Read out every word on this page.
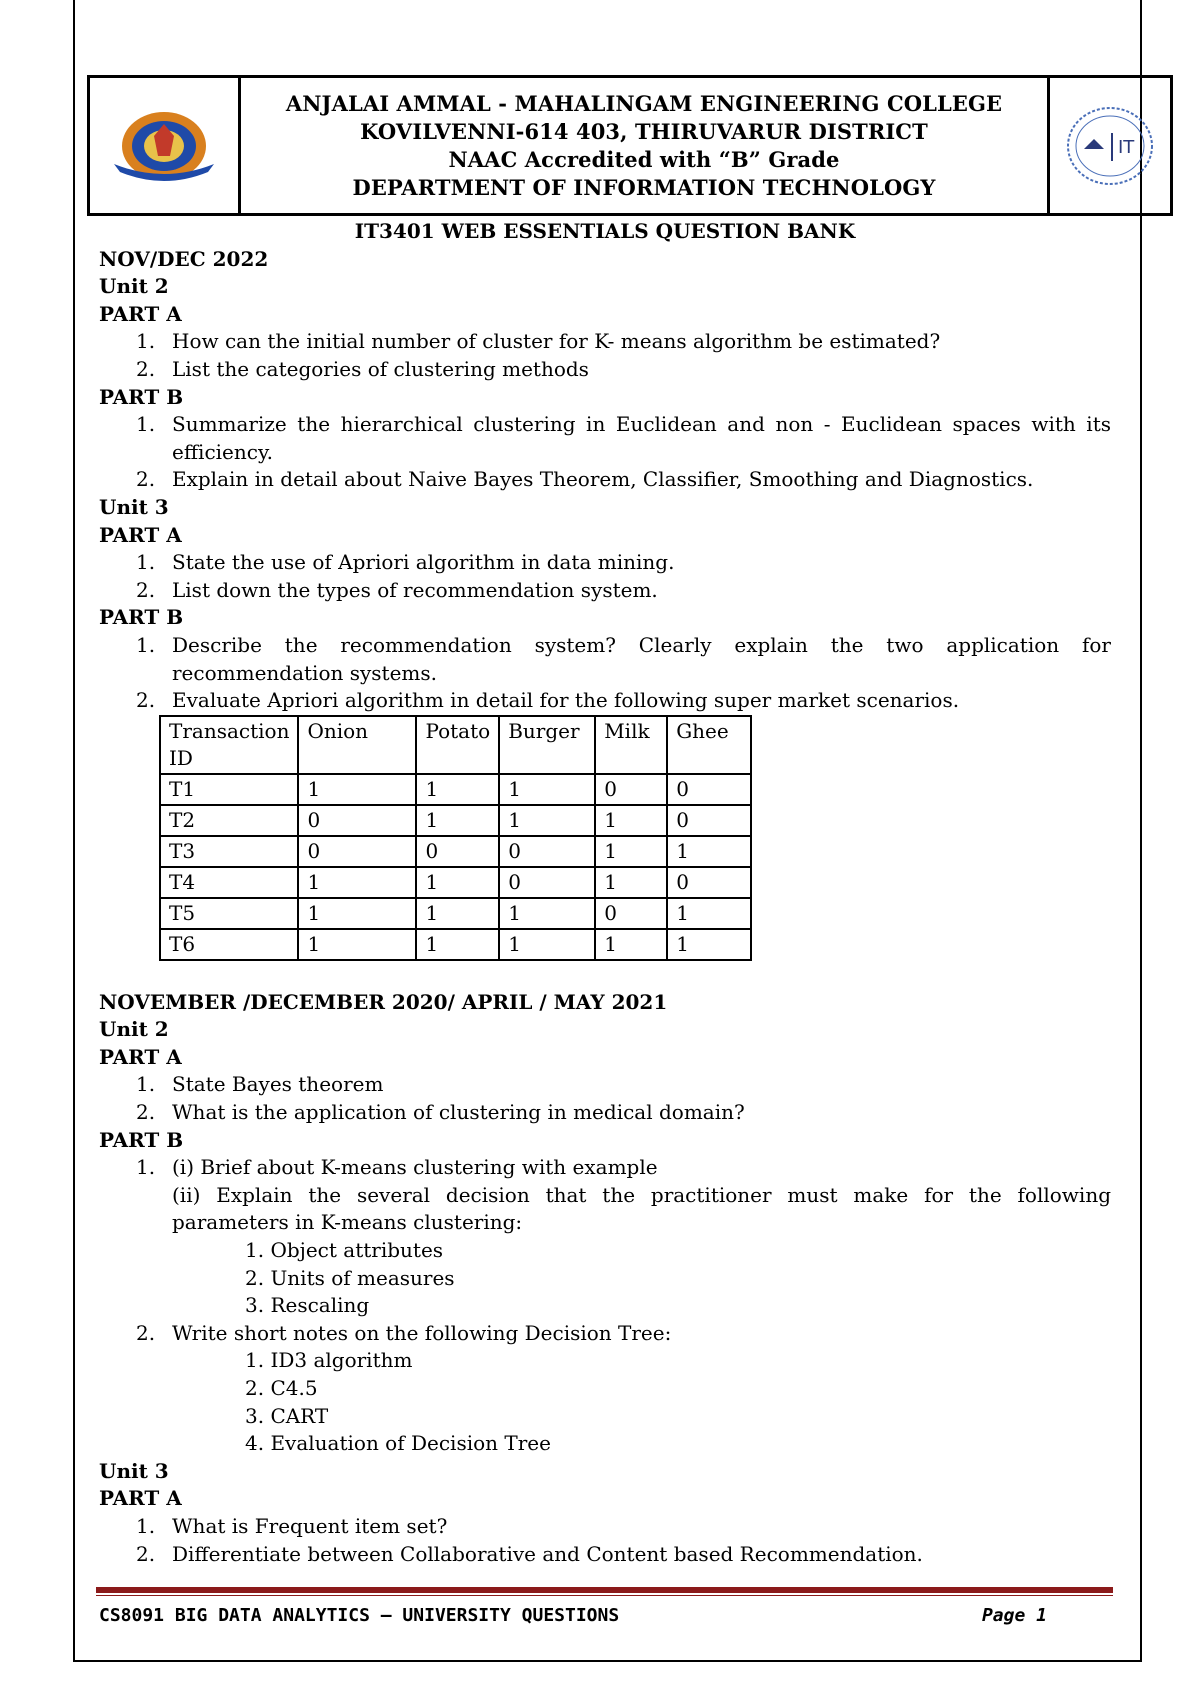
ANJALAI AMMAL - MAHALINGAM ENGINEERING COLLEGE
KOVILVENNI-614 403, THIRUVARUR DISTRICT
NAAC Accredited with “B” Grade
DEPARTMENT OF INFORMATION TECHNOLOGY
IT
IT3401 WEB ESSENTIALS QUESTION BANK
NOV/DEC 2022
Unit 2
PART A
1. How can the initial number of cluster for K- means algorithm be estimated?
2. List the categories of clustering methods
PART B
1. Summarize the hierarchical clustering in Euclidean and non - Euclidean spaces with its efficiency.
2. Explain in detail about Naive Bayes Theorem, Classifier, Smoothing and Diagnostics.
Unit 3
PART A
1. State the use of Apriori algorithm in data mining.
2. List down the types of recommendation system.
PART B
1. Describe the recommendation system? Clearly explain the two application for recommendation systems.
2. Evaluate Apriori algorithm in detail for the following super market scenarios.
Transaction ID	Onion	Potato	Burger	Milk	Ghee
T1	1	1	1	0	0
T2	0	1	1	1	0
T3	0	0	0	1	1
T4	1	1	0	1	0
T5	1	1	1	0	1
T6	1	1	1	1	1
NOVEMBER /DECEMBER 2020/ APRIL / MAY 2021
Unit 2
PART A
1. State Bayes theorem
2. What is the application of clustering in medical domain?
PART B
1. (i) Brief about K-means clustering with example
(ii) Explain the several decision that the practitioner must make for the following parameters in K-means clustering:
1. Object attributes
2. Units of measures
3. Rescaling
2. Write short notes on the following Decision Tree:
1. ID3 algorithm
2. C4.5
3. CART
4. Evaluation of Decision Tree
Unit 3
PART A
1. What is Frequent item set?
2. Differentiate between Collaborative and Content based Recommendation.
CS8091 BIG DATA ANALYTICS – UNIVERSITY QUESTIONS	Page 1
